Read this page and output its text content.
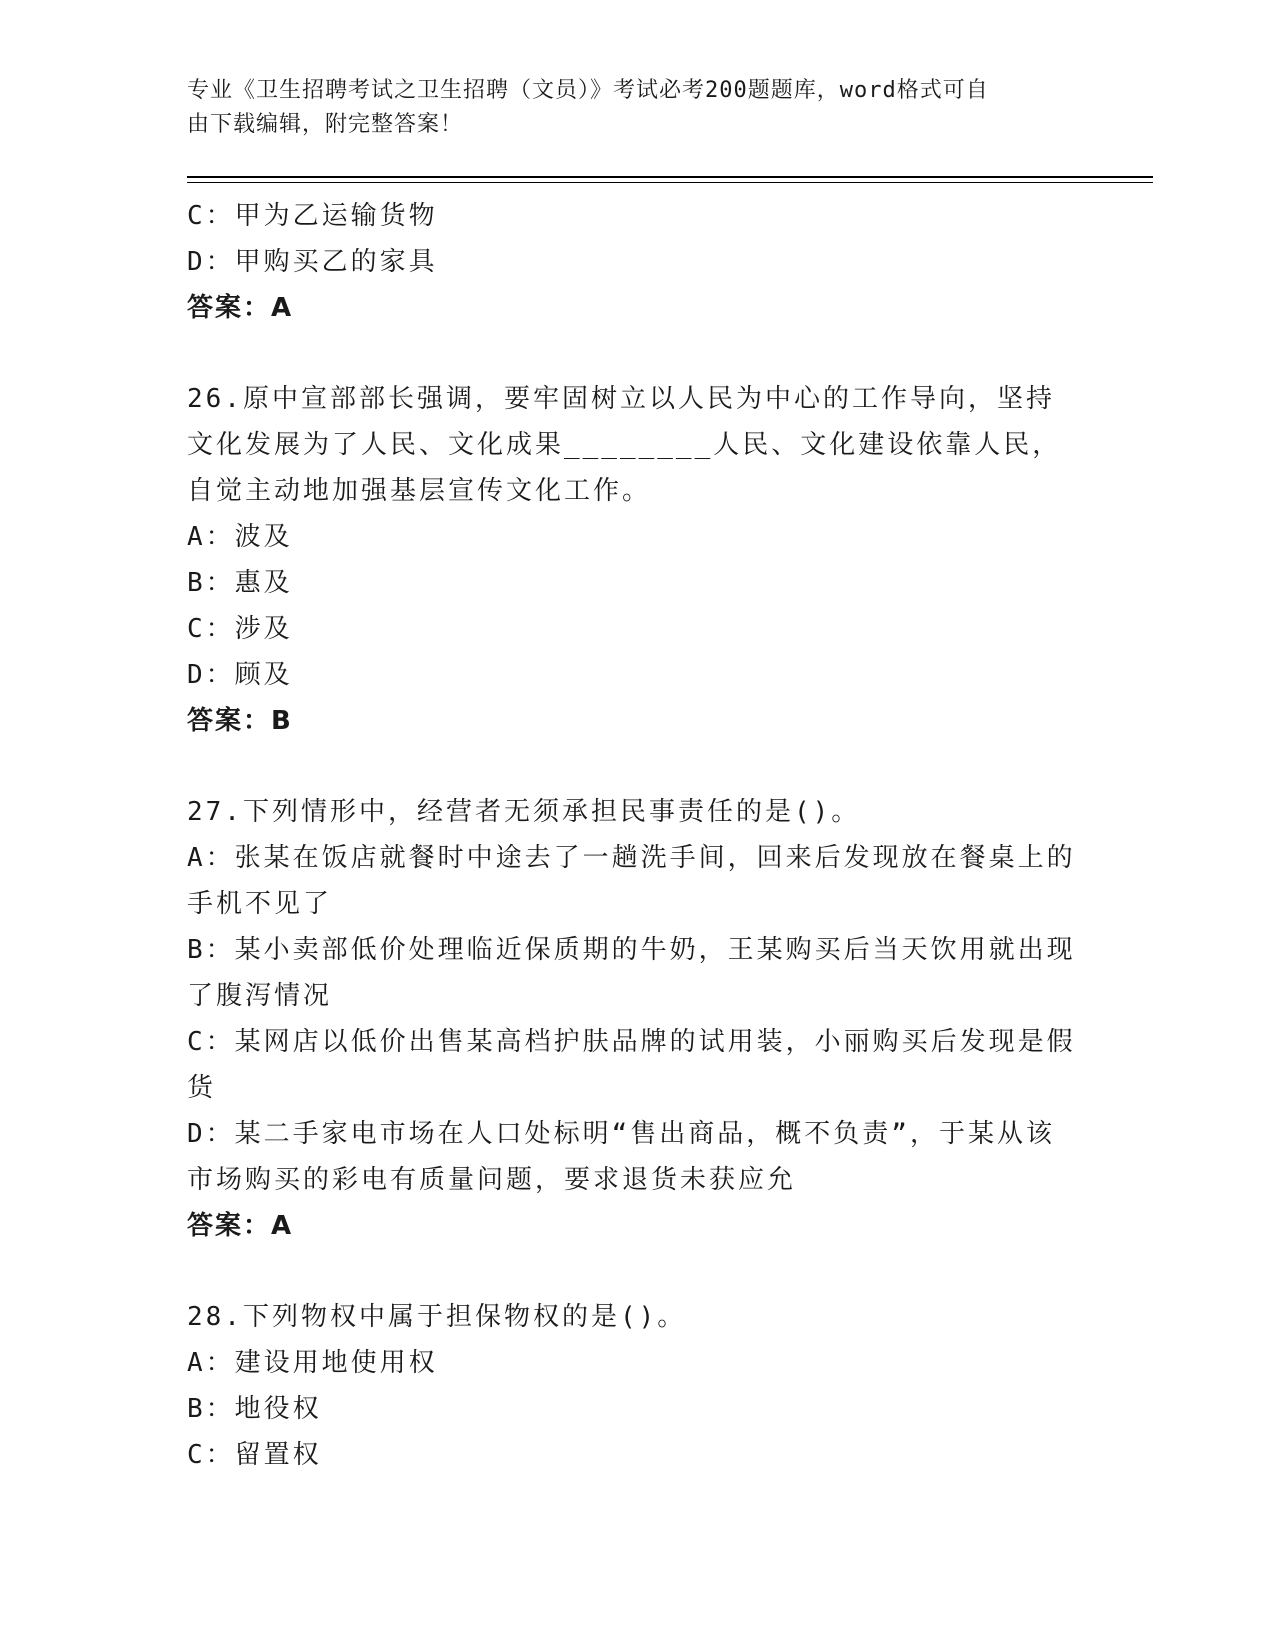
专业《卫生招聘考试之卫生招聘（文员）》考试必考200题题库，word格式可自
由下载编辑，附完整答案！
C：甲为乙运输货物
D：甲购买乙的家具
答案：A
26.原中宣部部长强调，要牢固树立以人民为中心的工作导向，坚持文化发展为了人民、文化成果________人民、文化建设依靠人民，自觉主动地加强基层宣传文化工作。
A：波及
B：惠及
C：涉及
D：顾及
答案：B
27.下列情形中，经营者无须承担民事责任的是()。
A：张某在饭店就餐时中途去了一趟洗手间，回来后发现放在餐桌上的手机不见了
B：某小卖部低价处理临近保质期的牛奶，王某购买后当天饮用就出现了腹泻情况
C：某网店以低价出售某高档护肤品牌的试用装，小丽购买后发现是假货
D：某二手家电市场在人口处标明“售出商品，概不负责”，于某从该市场购买的彩电有质量问题，要求退货未获应允
答案：A
28.下列物权中属于担保物权的是()。
A：建设用地使用权
B：地役权
C：留置权
